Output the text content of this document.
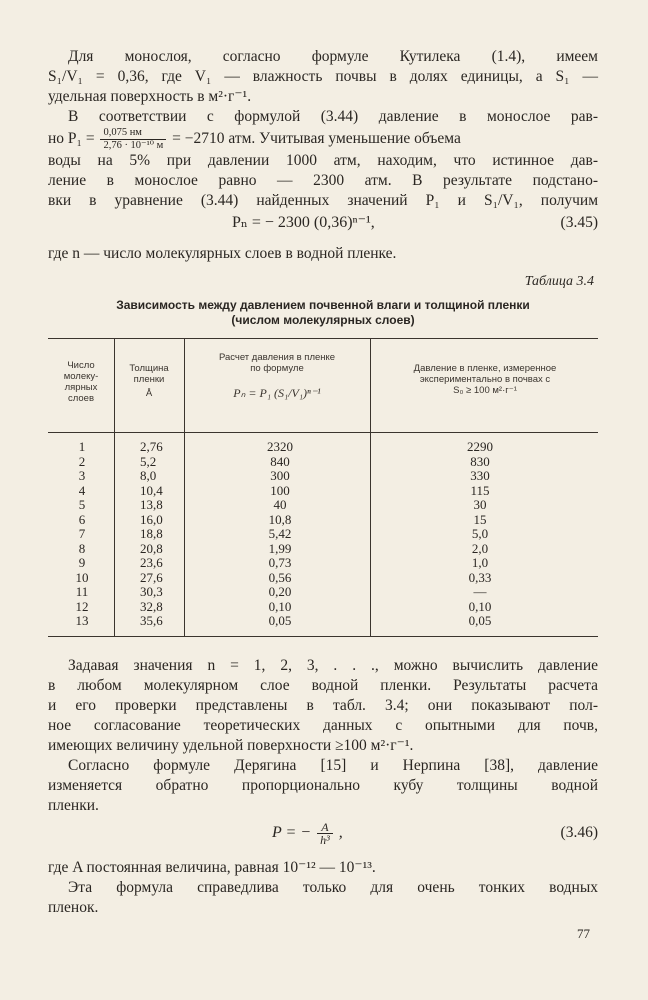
Для монослоя, согласно формуле Кутилека (1.4), имеем
S₁/V₁ = 0,36, где V₁ — влажность почвы в долях единицы, а S₁ —
удельная поверхность в м²·г⁻¹.
В соответствии с формулой (3.44) давление в монослое рав-
но $P_1 = \frac{0,075 нм}{\text{2,76 · 10⁻¹⁰ м}} = -2710$ атм. Учитывая уменьшение объема
воды на 5% при давлении 1000 атм, находим, что истинное дав-
ление в монослое равно — 2300 атм. В результате подстано-
вки в уравнение (3.44) найденных значений P₁ и S₁/V₁, получим
Pₙ = − 2300 (0,36)ⁿ⁻¹,	(3.45)
где n — число молекулярных слоев в водной пленке.
Таблица 3.4
Зависимость между давлением почвенной влаги и толщиной пленки
(числом молекулярных слоев)
Число
молеку-
лярных
слоев
Толщина
пленки
Å
Расчет давления в пленке
по формуле
Pₙ = P₁ (S₁/V₁)ⁿ⁻¹
Давление в пленке, измеренное
экспериментально в почвах с
S₀ ≥ 100 м²·г⁻¹
1
2
3
4
5
6
7
8
9
10
11
12
13
2,76
5,2
8,0
10,4
13,8
16,0
18,8
20,8
23,6
27,6
30,3
32,8
35,6
2320
840
300
100
40
10,8
5,42
1,99
0,73
0,56
0,20
0,10
0,05
2290
830
330
115
30
15
5,0
2,0
1,0
0,33
—
0,10
0,05
Задавая значения n = 1, 2, 3, . . ., можно вычислить давление
в любом молекулярном слое водной пленки. Результаты расчета
и его проверки представлены в табл. 3.4; они показывают пол-
ное согласование теоретических данных с опытными для почв,
имеющих величину удельной поверхности ≥100 м²·г⁻¹.
Согласно формуле Дерягина [15] и Нерпина [38], давление
изменяется обратно пропорционально кубу толщины водной
пленки.
P = − $\frac{A}{\text{h³}}$ ,	(3.46)
где A постоянная величина, равная 10⁻¹² — 10⁻¹³.
Эта формула справедлива только для очень тонких водных
пленок.
77
